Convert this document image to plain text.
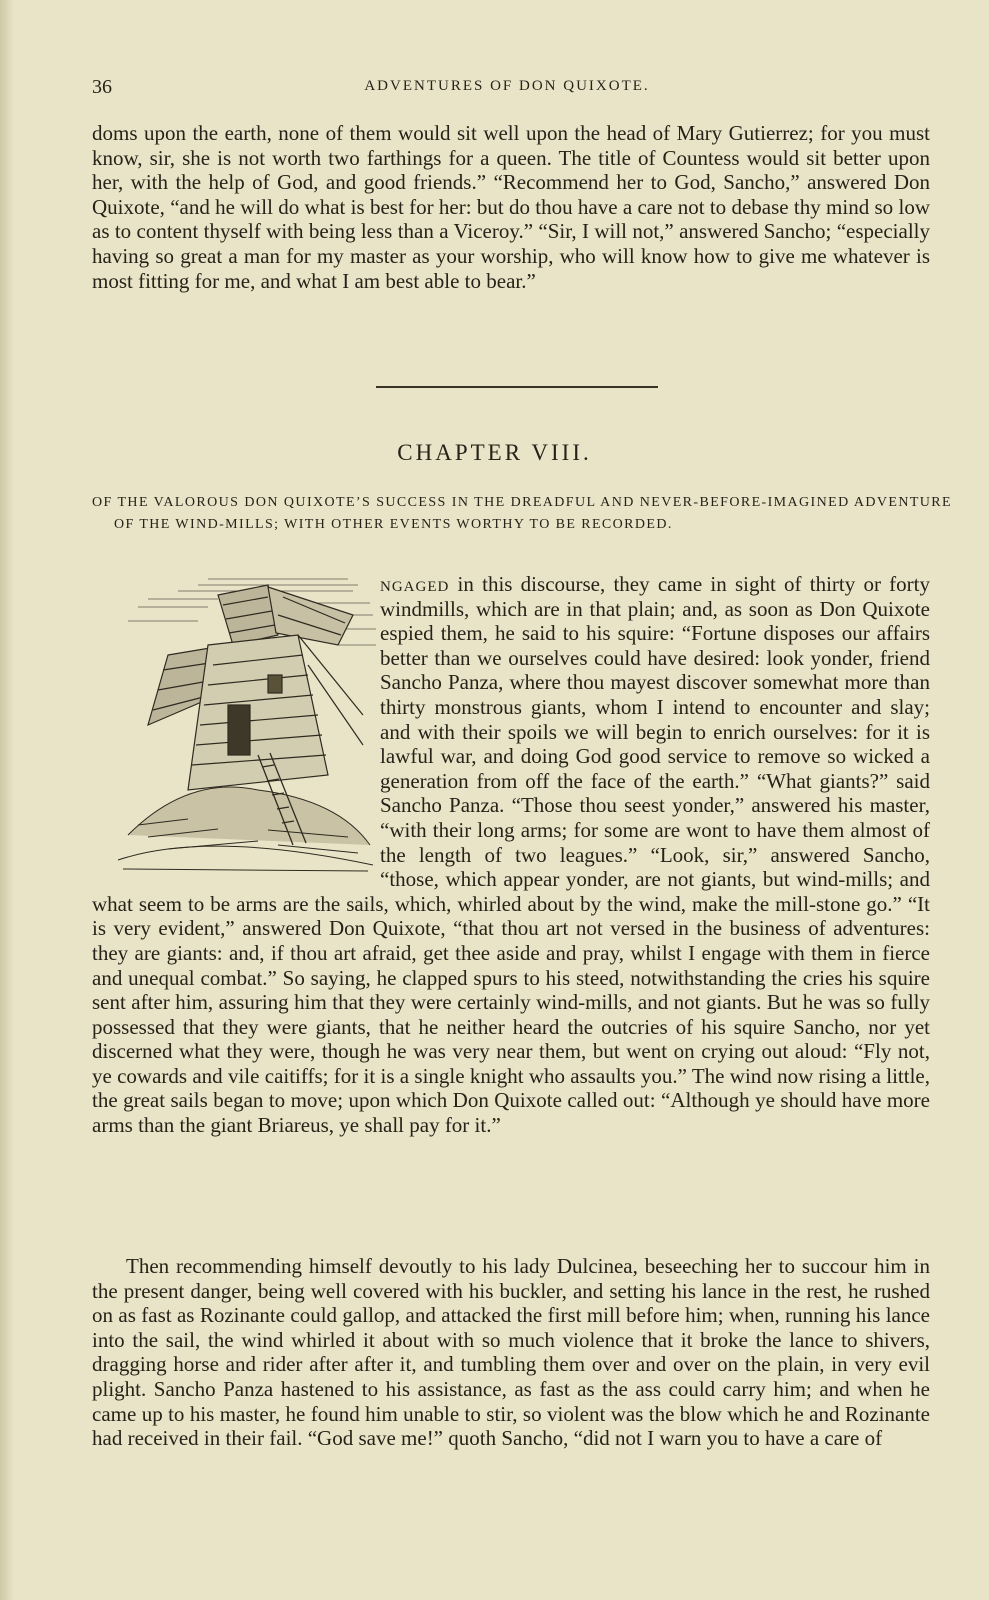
36	ADVENTURES OF DON QUIXOTE.

doms upon the earth, none of them would sit well upon the head of Mary Gutierrez; for you must know, sir, she is not worth two farthings for a queen. The title of Countess would sit better upon her, with the help of God, and good friends.” “Recommend her to God, Sancho,” answered Don Quixote, “and he will do what is best for her: but do thou have a care not to debase thy mind so low as to content thyself with being less than a Viceroy.” “Sir, I will not,” answered Sancho; “especially having so great a man for my master as your worship, who will know how to give me whatever is most fitting for me, and what I am best able to bear.”

CHAPTER VIII.

OF THE VALOROUS DON QUIXOTE’S SUCCESS IN THE DREADFUL AND NEVER-BEFORE-IMAGINED ADVENTURE OF THE WIND-MILLS; WITH OTHER EVENTS WORTHY TO BE RECORDED.

ngaged in this discourse, they came in sight of thirty or forty windmills, which are in that plain; and, as soon as Don Quixote espied them, he said to his squire: “Fortune disposes our affairs better than we ourselves could have desired: look yonder, friend Sancho Panza, where thou mayest discover somewhat more than thirty monstrous giants, whom I intend to encounter and slay; and with their spoils we will begin to enrich ourselves: for it is lawful war, and doing God good service to remove so wicked a generation from off the face of the earth.” “What giants?” said Sancho Panza. “Those thou seest yonder,” answered his master, “with their long arms; for some are wont to have them almost of the length of two leagues.” “Look, sir,” answered Sancho, “those, which appear yonder, are not giants, but wind-mills; and what seem to be arms are the sails, which, whirled about by the wind, make the mill-stone go.” “It is very evident,” answered Don Quixote, “that thou art not versed in the business of adventures: they are giants: and, if thou art afraid, get thee aside and pray, whilst I engage with them in fierce and unequal combat.” So saying, he clapped spurs to his steed, notwithstanding the cries his squire sent after him, assuring him that they were certainly wind-mills, and not giants. But he was so fully possessed that they were giants, that he neither heard the outcries of his squire Sancho, nor yet discerned what they were, though he was very near them, but went on crying out aloud: “Fly not, ye cowards and vile caitiffs; for it is a single knight who assaults you.” The wind now rising a little, the great sails began to move; upon which Don Quixote called out: “Although ye should have more arms than the giant Briareus, ye shall pay for it.”

Then recommending himself devoutly to his lady Dulcinea, beseeching her to succour him in the present danger, being well covered with his buckler, and setting his lance in the rest, he rushed on as fast as Rozinante could gallop, and attacked the first mill before him; when, running his lance into the sail, the wind whirled it about with so much violence that it broke the lance to shivers, dragging horse and rider after after it, and tumbling them over and over on the plain, in very evil plight. Sancho Panza hastened to his assistance, as fast as the ass could carry him; and when he came up to his master, he found him unable to stir, so violent was the blow which he and Rozinante had received in their fail. “God save me!” quoth Sancho, “did not I warn you to have a care of
